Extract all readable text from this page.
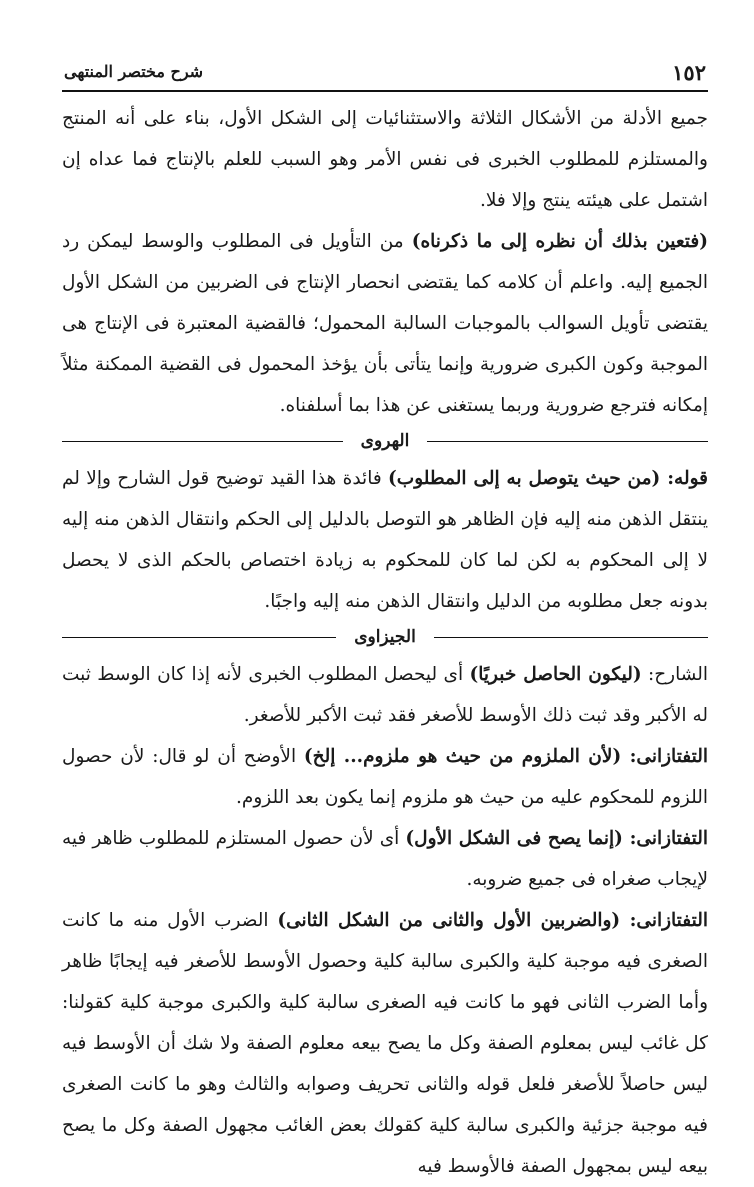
١٥٢
شرح مختصر المنتهى

جميع الأدلة من الأشكال الثلاثة والاستثنائيات إلى الشكل الأول، بناء على أنه المنتج والمستلزم للمطلوب الخبرى فى نفس الأمر وهو السبب للعلم بالإنتاج فما عداه إن اشتمل على هيئته ينتج وإلا فلا.

(فتعين بذلك أن نظره إلى ما ذكرناه) من التأويل فى المطلوب والوسط ليمكن رد الجميع إليه. واعلم أن كلامه كما يقتضى انحصار الإنتاج فى الضربين من الشكل الأول يقتضى تأويل السوالب بالموجبات السالبة المحمول؛ فالقضية المعتبرة فى الإنتاج هى الموجبة وكون الكبرى ضرورية وإنما يتأتى بأن يؤخذ المحمول فى القضية الممكنة مثلاً إمكانه فترجع ضرورية وربما يستغنى عن هذا بما أسلفناه.

الهروى

قوله: (من حيث يتوصل به إلى المطلوب) فائدة هذا القيد توضيح قول الشارح وإلا لم ينتقل الذهن منه إليه فإن الظاهر هو التوصل بالدليل إلى الحكم وانتقال الذهن منه إليه لا إلى المحكوم به لكن لما كان للمحكوم به زيادة اختصاص بالحكم الذى لا يحصل بدونه جعل مطلوبه من الدليل وانتقال الذهن منه إليه واجبًا.

الجيزاوى

الشارح: (ليكون الحاصل خبريًا) أى ليحصل المطلوب الخبرى لأنه إذا كان الوسط ثبت له الأكبر وقد ثبت ذلك الأوسط للأصغر فقد ثبت الأكبر للأصغر.

التفتازانى: (لأن الملزوم من حيث هو ملزوم... إلخ) الأوضح أن لو قال: لأن حصول اللزوم للمحكوم عليه من حيث هو ملزوم إنما يكون بعد اللزوم.

التفتازانى: (إنما يصح فى الشكل الأول) أى لأن حصول المستلزم للمطلوب ظاهر فيه لإيجاب صغراه فى جميع ضروبه.

التفتازانى: (والضربين الأول والثانى من الشكل الثانى) الضرب الأول منه ما كانت الصغرى فيه موجبة كلية والكبرى سالبة كلية وحصول الأوسط للأصغر فيه إيجابًا ظاهر وأما الضرب الثانى فهو ما كانت فيه الصغرى سالبة كلية والكبرى موجبة كلية كقولنا: كل غائب ليس بمعلوم الصفة وكل ما يصح بيعه معلوم الصفة ولا شك أن الأوسط فيه ليس حاصلاً للأصغر فلعل قوله والثانى تحريف وصوابه والثالث وهو ما كانت الصغرى فيه موجبة جزئية والكبرى سالبة كلية كقولك بعض الغائب مجهول الصفة وكل ما يصح بيعه ليس بمجهول الصفة فالأوسط فيه
